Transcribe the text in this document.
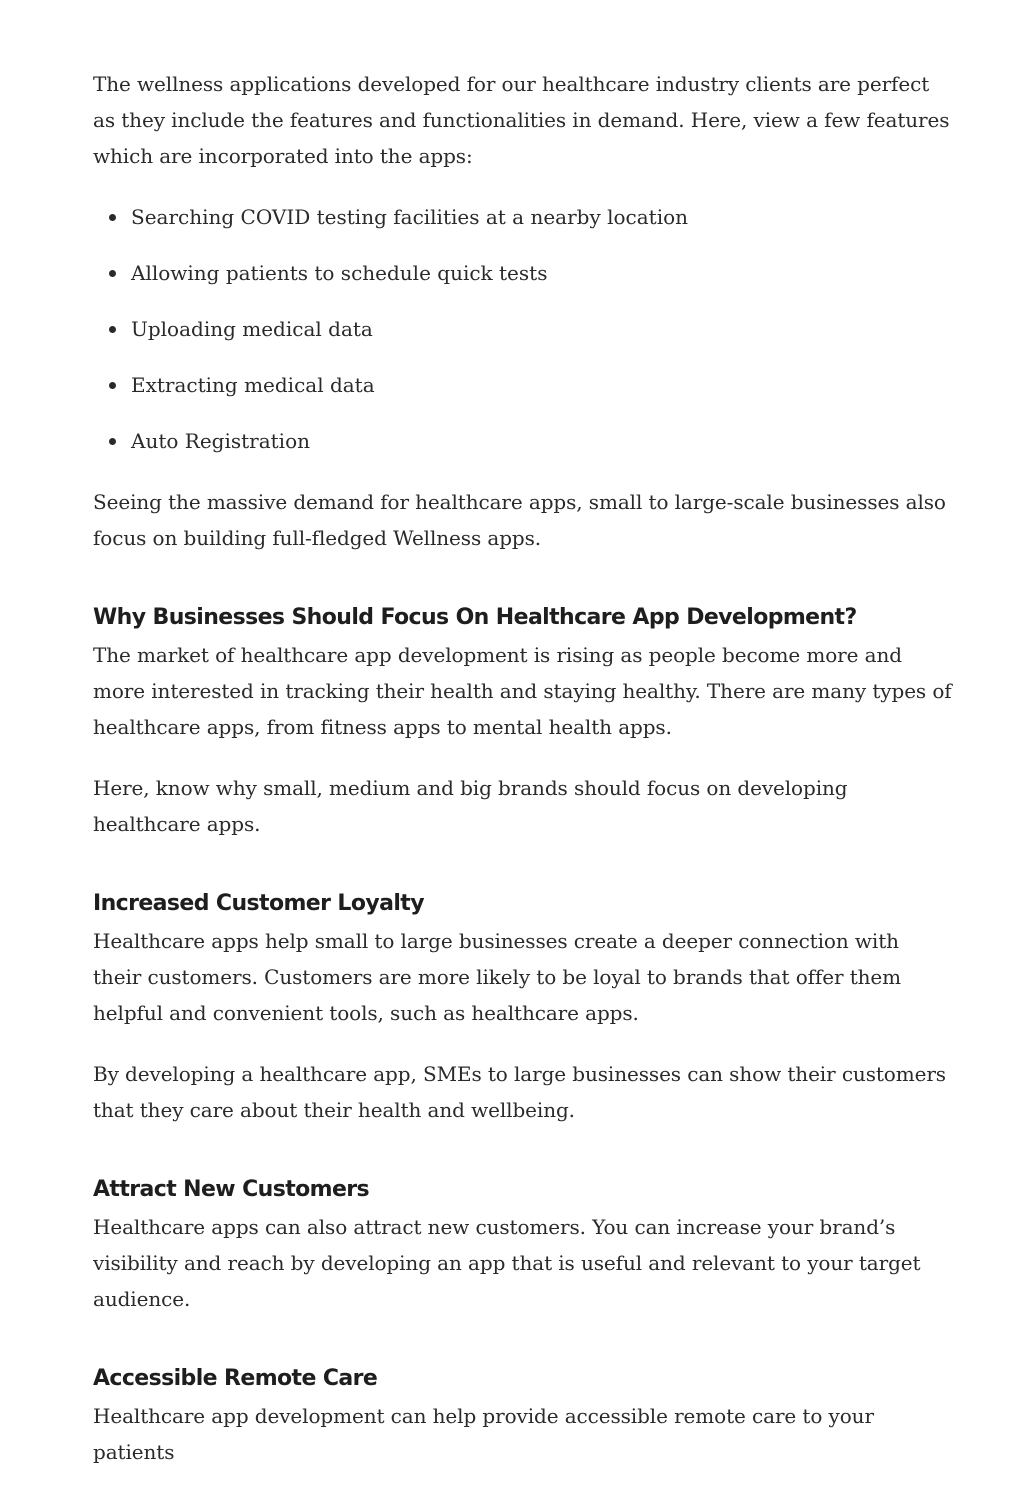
The wellness applications developed for our healthcare industry clients are perfect as they include the features and functionalities in demand. Here, view a few features which are incorporated into the apps:

Searching COVID testing facilities at a nearby location
Allowing patients to schedule quick tests
Uploading medical data
Extracting medical data
Auto Registration

Seeing the massive demand for healthcare apps, small to large-scale businesses also focus on building full-fledged Wellness apps.

Why Businesses Should Focus On Healthcare App Development?

The market of healthcare app development is rising as people become more and more interested in tracking their health and staying healthy. There are many types of healthcare apps, from fitness apps to mental health apps.

Here, know why small, medium and big brands should focus on developing healthcare apps.

Increased Customer Loyalty

Healthcare apps help small to large businesses create a deeper connection with their customers. Customers are more likely to be loyal to brands that offer them helpful and convenient tools, such as healthcare apps.

By developing a healthcare app, SMEs to large businesses can show their customers that they care about their health and wellbeing.

Attract New Customers

Healthcare apps can also attract new customers. You can increase your brand’s visibility and reach by developing an app that is useful and relevant to your target audience.

Accessible Remote Care

Healthcare app development can help provide accessible remote care to your patients
